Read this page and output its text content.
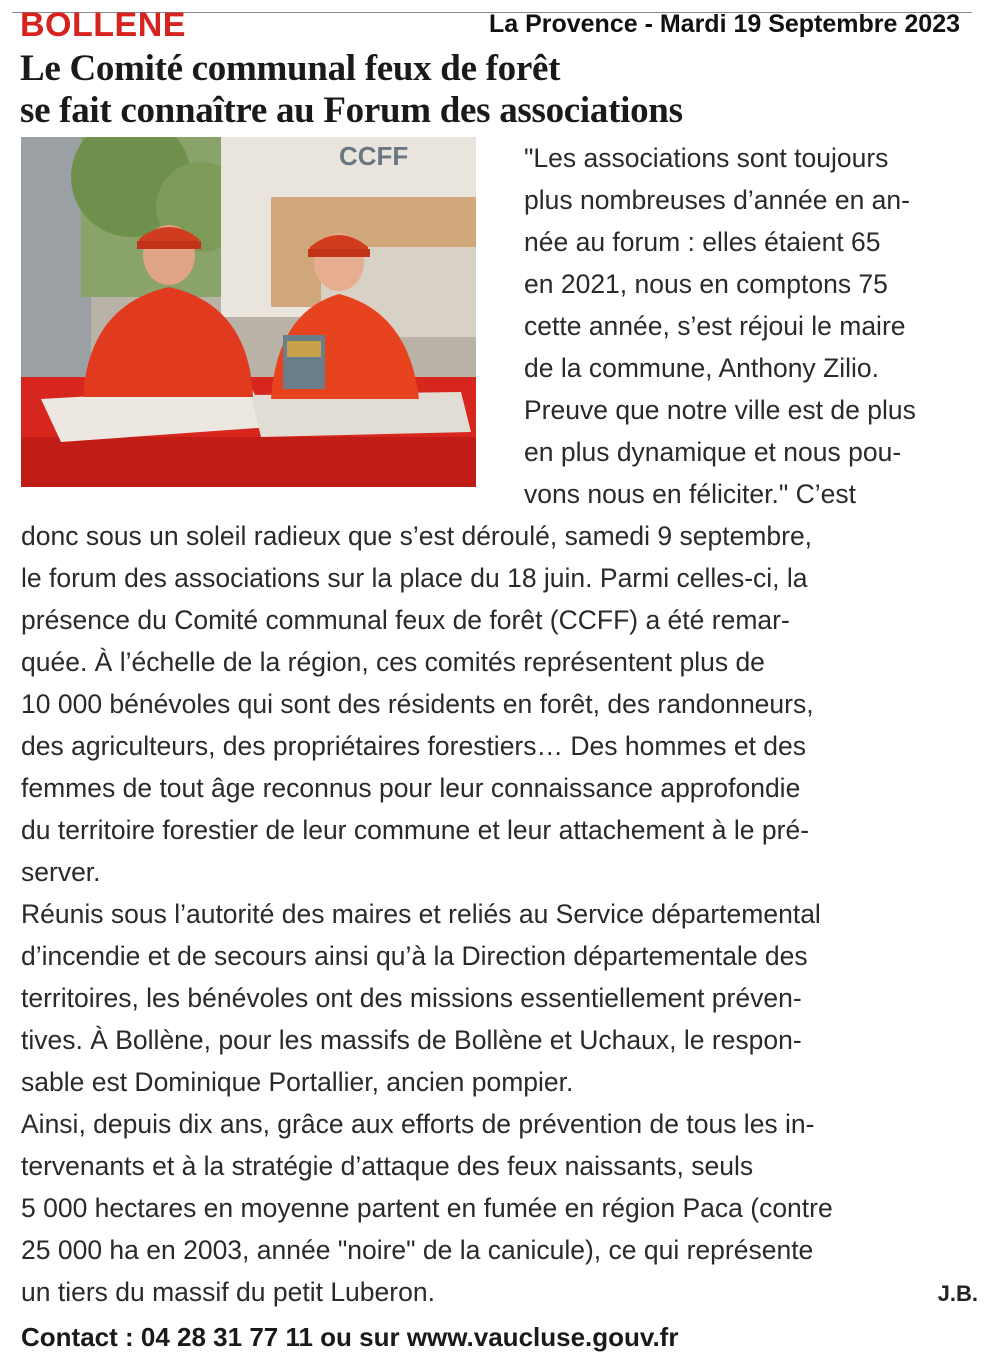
BOLLENE	La Provence - Mardi 19 Septembre 2023
Le Comité communal feux de forêt
se fait connaître au Forum des associations
CCFF	"Les associations sont toujours
plus nombreuses d’année en an-
née au forum : elles étaient 65
en 2021, nous en comptons 75
cette année, s’est réjoui le maire
de la commune, Anthony Zilio.
Preuve que notre ville est de plus
en plus dynamique et nous pou-
vons nous en féliciter." C’est
donc sous un soleil radieux que s’est déroulé, samedi 9 septembre,
le forum des associations sur la place du 18 juin. Parmi celles-ci, la
présence du Comité communal feux de forêt (CCFF) a été remar-
quée. À l’échelle de la région, ces comités représentent plus de
10 000 bénévoles qui sont des résidents en forêt, des randonneurs,
des agriculteurs, des propriétaires forestiers… Des hommes et des
femmes de tout âge reconnus pour leur connaissance approfondie
du territoire forestier de leur commune et leur attachement à le pré-
server.
Réunis sous l’autorité des maires et reliés au Service départemental
d’incendie et de secours ainsi qu’à la Direction départementale des
territoires, les bénévoles ont des missions essentiellement préven-
tives. À Bollène, pour les massifs de Bollène et Uchaux, le respon-
sable est Dominique Portallier, ancien pompier.
Ainsi, depuis dix ans, grâce aux efforts de prévention de tous les in-
tervenants et à la stratégie d’attaque des feux naissants, seuls
5 000 hectares en moyenne partent en fumée en région Paca (contre
25 000 ha en 2003, année "noire" de la canicule), ce qui représente
un tiers du massif du petit Luberon.	J.B.
Contact : 04 28 31 77 11 ou sur www.vaucluse.gouv.fr
